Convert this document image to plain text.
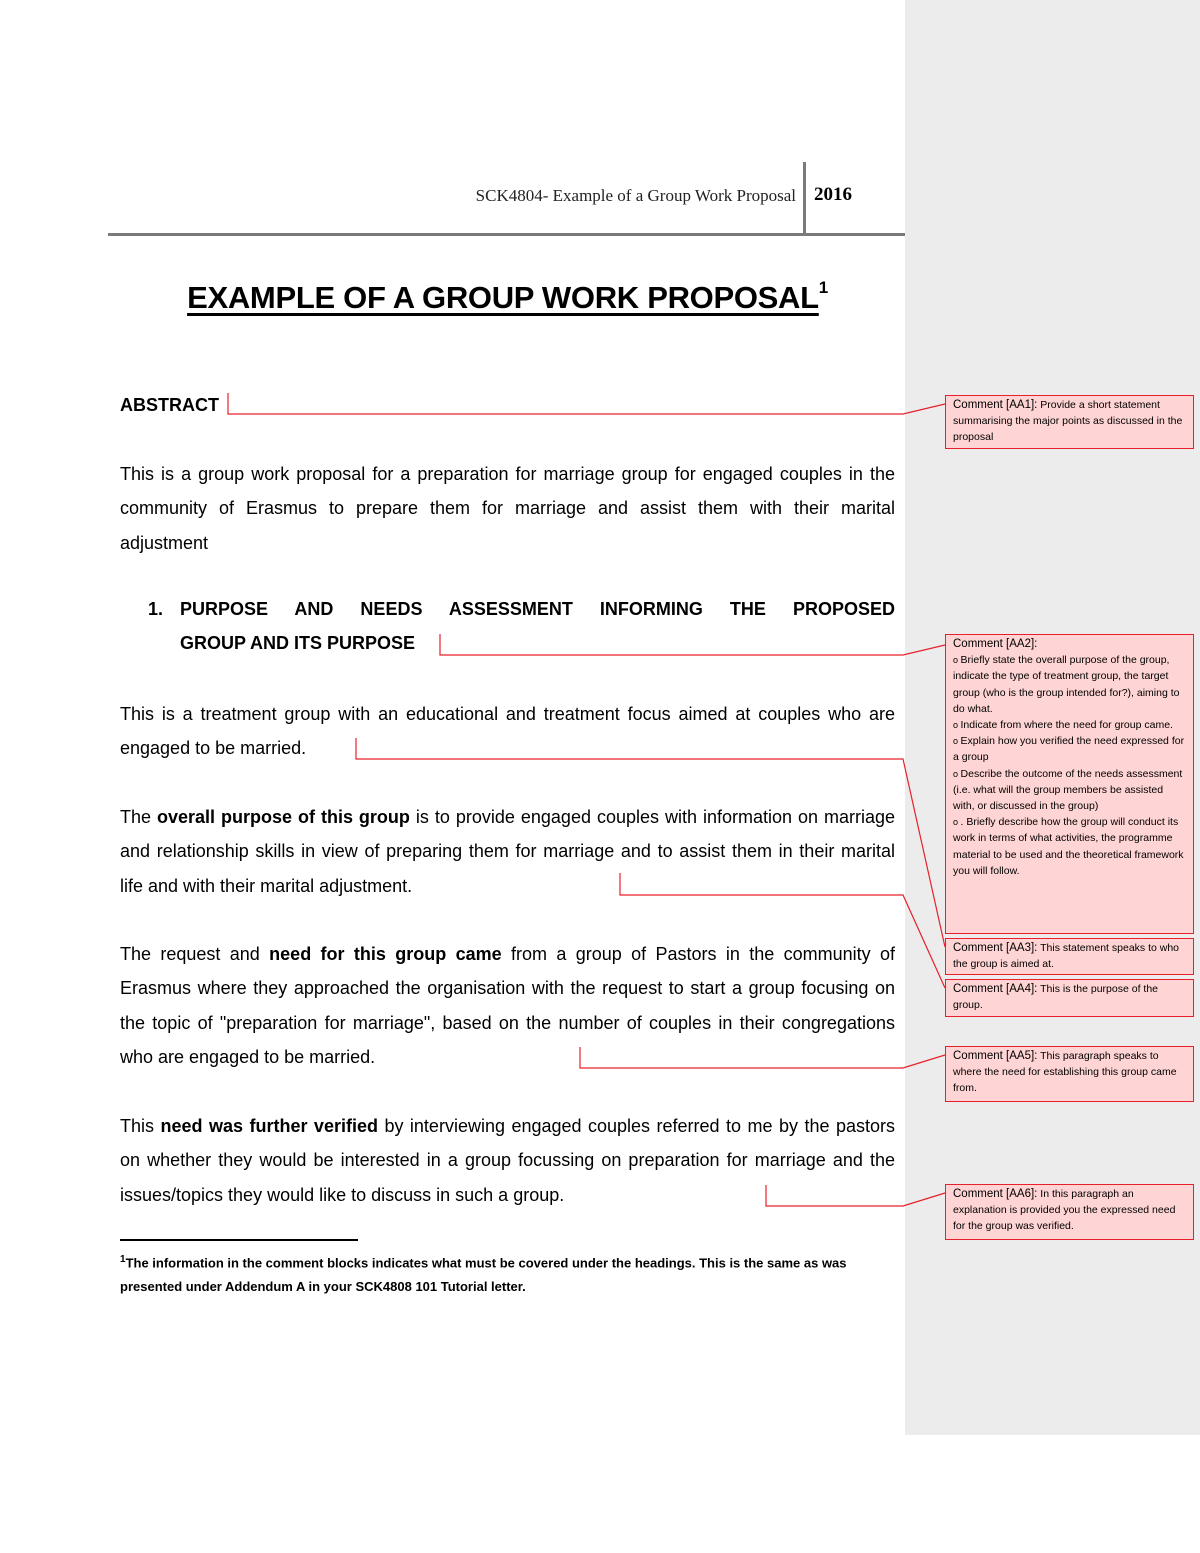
SCK4804- Example of a Group Work Proposal 2016
EXAMPLE OF A GROUP WORK PROPOSAL$^1$
ABSTRACT
This is a group work proposal for a preparation for marriage group for engaged couples in the community of Erasmus to prepare them for marriage and assist them with their marital adjustment
1. PURPOSE AND NEEDS ASSESSMENT INFORMING THE PROPOSED
GROUP AND ITS PURPOSE
This is a treatment group with an educational and treatment focus aimed at couples who are engaged to be married.
The overall purpose of this group is to provide engaged couples with information on marriage and relationship skills in view of preparing them for marriage and to assist them in their marital life and with their marital adjustment.
The request and need for this group came from a group of Pastors in the community of Erasmus where they approached the organisation with the request to start a group focusing on the topic of "preparation for marriage", based on the number of couples in their congregations who are engaged to be married.
This need was further verified by interviewing engaged couples referred to me by the pastors on whether they would be interested in a group focussing on preparation for marriage and the issues/topics they would like to discuss in such a group.
$^1$The information in the comment blocks indicates what must be covered under the headings. This is the same as was presented under Addendum A in your SCK4808 101 Tutorial letter.
Comment [AA1]: Provide a short statement summarising the major points as discussed in the proposal
Comment [AA2]:
o Briefly state the overall purpose of the group, indicate the type of treatment group, the target group (who is the group intended for?), aiming to do what.
o Indicate from where the need for group came.
o Explain how you verified the need expressed for a group
o Describe the outcome of the needs assessment (i.e. what will the group members be assisted with, or discussed in the group)
o . Briefly describe how the group will conduct its work in terms of what activities, the programme material to be used and the theoretical framework you will follow.
Comment [AA3]: This statement speaks to who the group is aimed at.
Comment [AA4]: This is the purpose of the group.
Comment [AA5]: This paragraph speaks to where the need for establishing this group came from.
Comment [AA6]: In this paragraph an explanation is provided you the expressed need for the group was verified.
